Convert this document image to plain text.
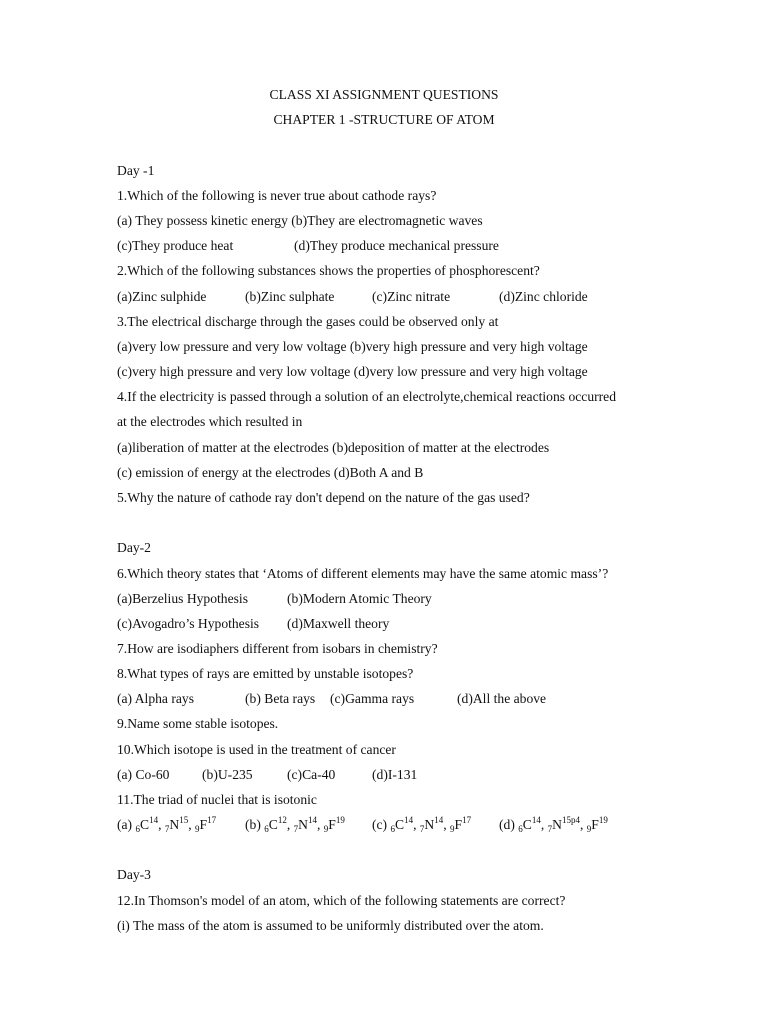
CLASS XI ASSIGNMENT QUESTIONS
CHAPTER 1 -STRUCTURE OF ATOM
Day -1
1.Which of the following is never true about cathode rays?
(a) They possess kinetic energy (b)They are electromagnetic waves
(c)They produce heat	(d)They produce mechanical pressure
2.Which of the following substances shows the properties of phosphorescent?
(a)Zinc sulphide	(b)Zinc sulphate	(c)Zinc nitrate	(d)Zinc chloride
3.The electrical discharge through the gases could be observed only at
(a)very low pressure and very low voltage (b)very high pressure and very high voltage
(c)very high pressure and very low voltage (d)very low pressure and very high voltage
4.If the electricity is passed through a solution of an electrolyte,chemical reactions occurred
at the electrodes which resulted in
(a)liberation of matter at the electrodes (b)deposition of matter at the electrodes
(c) emission of energy at the electrodes (d)Both A and B
5.Why the nature of cathode ray don't depend on the nature of the gas used?
Day-2
6.Which theory states that ‘Atoms of different elements may have the same atomic mass’?
(a)Berzelius Hypothesis	(b)Modern Atomic Theory
(c)Avogadro’s Hypothesis (d)Maxwell theory
7.How are isodiaphers different from isobars in chemistry?
8.What types of rays are emitted by unstable isotopes?
(a) Alpha rays	(b) Beta rays (c)Gamma rays	(d)All the above
9.Name some stable isotopes.
10.Which isotope is used in the treatment of cancer
(a) Co-60 (b)U-235	(c)Ca-40	(d)I-131
11.The triad of nuclei that is isotonic
(a) $_6C^{14}$, $_7N^{15}$, $_9F^{17}$ (b) $_6C^{12}$, $_7N^{14}$, $_9F^{19}$ (c) $_6C^{14}$, $_7N^{14}$, $_9F^{17}$ (d) $_6C^{14}$, $_7N^{15p4}$, $_9F^{19}$
Day-3
12.In Thomson's model of an atom, which of the following statements are correct?
(i) The mass of the atom is assumed to be uniformly distributed over the atom.
